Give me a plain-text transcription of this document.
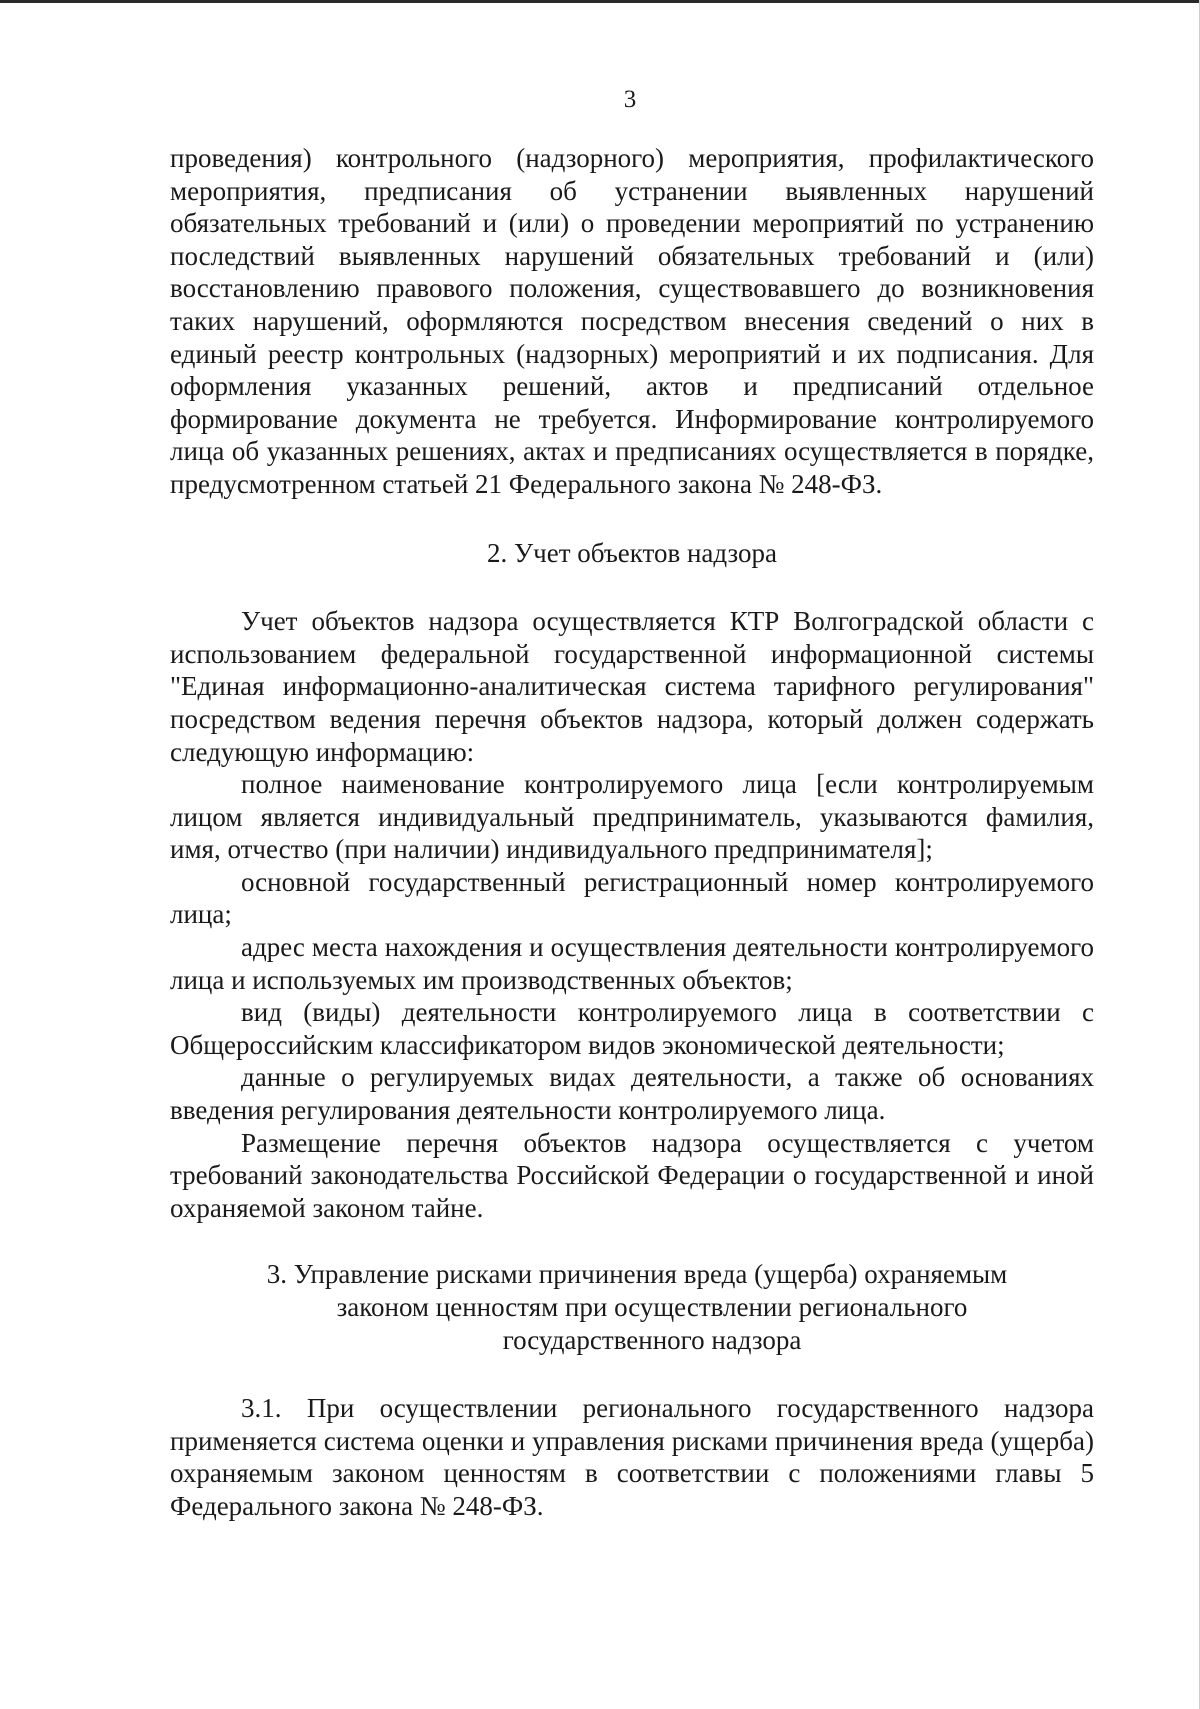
3

проведения) контрольного (надзорного) мероприятия, профилактического мероприятия, предписания об устранении выявленных нарушений обязательных требований и (или) о проведении мероприятий по устранению последствий выявленных нарушений обязательных требований и (или) восстановлению правового положения, существовавшего до возникновения таких нарушений, оформляются посредством внесения сведений о них в единый реестр контрольных (надзорных) мероприятий и их подписания. Для оформления указанных решений, актов и предписаний отдельное формирование документа не требуется. Информирование контролируемого лица об указанных решениях, актах и предписаниях осуществляется в порядке, предусмотренном статьей 21 Федерального закона № 248-ФЗ.

2. Учет объектов надзора

Учет объектов надзора осуществляется КТР Волгоградской области с использованием федеральной государственной информационной системы "Единая информационно-аналитическая система тарифного регулирования" посредством ведения перечня объектов надзора, который должен содержать следующую информацию:

полное наименование контролируемого лица [если контролируемым лицом является индивидуальный предприниматель, указываются фамилия, имя, отчество (при наличии) индивидуального предпринимателя];

основной государственный регистрационный номер контролируемого лица;

адрес места нахождения и осуществления деятельности контролируемого лица и используемых им производственных объектов;

вид (виды) деятельности контролируемого лица в соответствии с Общероссийским классификатором видов экономической деятельности;

данные о регулируемых видах деятельности, а также об основаниях введения регулирования деятельности контролируемого лица.

Размещение перечня объектов надзора осуществляется с учетом требований законодательства Российской Федерации о государственной и иной охраняемой законом тайне.

3. Управление рисками причинения вреда (ущерба) охраняемым
законом ценностям при осуществлении регионального
государственного надзора

3.1. При осуществлении регионального государственного надзора применяется система оценки и управления рисками причинения вреда (ущерба) охраняемым законом ценностям в соответствии с положениями главы 5 Федерального закона № 248-ФЗ.
